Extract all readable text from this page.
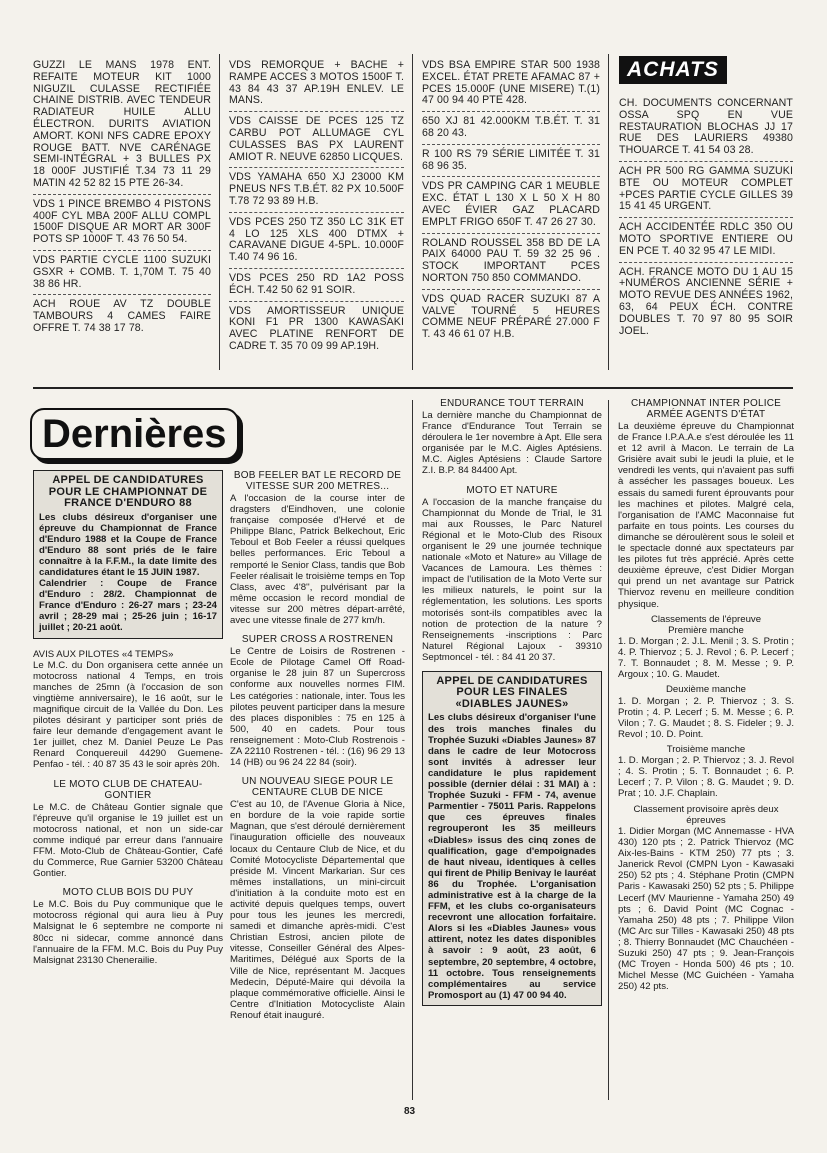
GUZZI LE MANS 1978 ENT. REFAITE MOTEUR KIT 1000 NIGUZIL CULASSE RECTIFIÉE CHAINE DISTRIB. AVEC TENDEUR RADIATEUR HUILE ALLU ÉLECTRON. DURITS AVIATION AMORT. KONI NFS CADRE EPOXY ROUGE BATT. NVE CARÉNAGE SEMI-INTÉGRAL + 3 BULLES PX 18 000F JUSTIFIÉ T.34 73 11 29 MATIN 42 52 82 15 PTE 26-34.

VDS 1 PINCE BREMBO 4 PISTONS 400F CYL MBA 200F ALLU COMPL 1500F DISQUE AR MORT AR 300F POTS SP 1000F T. 43 76 50 54.

VDS PARTIE CYCLE 1100 SUZUKI GSXR + COMB. T. 1,70M T. 75 40 38 86 HR.

ACH ROUE AV TZ DOUBLE TAMBOURS 4 CAMES FAIRE OFFRE T. 74 38 17 78.

VDS REMORQUE + BACHE + RAMPE ACCES 3 MOTOS 1500F T. 43 84 43 37 AP.19H ENLEV. LE MANS.

VDS CAISSE DE PCES 125 TZ CARBU POT ALLUMAGE CYL CULASSES BAS PX LAURENT AMIOT R. NEUVE 62850 LICQUES.

VDS YAMAHA 650 XJ 23000 KM PNEUS NFS T.B.ÉT. 82 PX 10.500F T.78 72 93 89 H.B.

VDS PCES 250 TZ 350 LC 31K ET 4 LO 125 XLS 400 DTMX + CARAVANE DIGUE 4-5PL. 10.000F T.40 74 96 16.

VDS PCES 250 RD 1A2 POSS ÉCH. T.42 50 62 91 SOIR.

VDS AMORTISSEUR UNIQUE KONI F1 PR 1300 KAWASAKI AVEC PLATINE RENFORT DE CADRE T. 35 70 09 99 AP.19H.

VDS BSA EMPIRE STAR 500 1938 EXCEL. ÉTAT PRETE AFAMAC 87 + PCES 15.000F (UNE MISERE) T.(1) 47 00 94 40 PTE 428.

650 XJ 81 42.000KM T.B.ÉT. T. 31 68 20 43.

R 100 RS 79 SÉRIE LIMITÉE T. 31 68 96 35.

VDS PR CAMPING CAR 1 MEUBLE EXC. ÉTAT L 130 X L 50 X H 80 AVEC ÉVIER GAZ PLACARD EMPLT FRIGO 650F T. 47 26 27 30.

ROLAND ROUSSEL 358 BD DE LA PAIX 64000 PAU T. 59 32 25 96 . STOCK IMPORTANT PCES NORTON 750 850 COMMANDO.

VDS QUAD RACER SUZUKI 87 A VALVE TOURNÉ 5 HEURES COMME NEUF PRÉPARÉ 27.000 F T. 43 46 61 07 H.B.

ACHATS

CH. DOCUMENTS CONCERNANT OSSA SPQ EN VUE RESTAURATION BLOCHAS JJ 17 RUE DES LAURIERS 49380 THOUARCE T. 41 54 03 28.

ACH PR 500 RG GAMMA SUZUKI BTE OU MOTEUR COMPLET +PCES PARTIE CYCLE GILLES 39 15 41 45 URGENT.

ACH ACCIDENTÉE RDLC 350 OU MOTO SPORTIVE ENTIERE OU EN PCE T. 40 32 95 47 LE MIDI.

ACH. FRANCE MOTO DU 1 AU 15 +NUMÉROS ANCIENNE SÉRIE + MOTO REVUE DES ANNÉES 1962, 63, 64 PEUX ÉCH. CONTRE DOUBLES T. 70 97 80 95 SOIR JOEL.

Dernières

APPEL DE CANDIDATURES POUR LE CHAMPIONNAT DE FRANCE D'ENDURO 88

Les clubs désireux d'organiser une épreuve du Championnat de France d'Enduro 1988 et la Coupe de France d'Enduro 88 sont priés de le faire connaître à la F.F.M., la date limite des candidatures étant le 15 JUIN 1987.

Calendrier : Coupe de France d'Enduro : 28/2. Championnat de France d'Enduro : 26-27 mars ; 23-24 avril ; 28-29 mai ; 25-26 juin ; 16-17 juillet ; 20-21 août.

AVIS AUX PILOTES «4 TEMPS»

Le M.C. du Don organisera cette année un motocross national 4 Temps, en trois manches de 25mn (à l'occasion de son vingtième anniversaire), le 16 août, sur le magnifique circuit de la Vallée du Don. Les pilotes désirant y participer sont priés de faire leur demande d'engagement avant le 1er juillet, chez M. Daniel Peuze Le Pas Renard Conquereuil 44290 Guemene-Penfao - tél. : 40 87 35 43 le soir après 20h.

LE MOTO CLUB DE CHATEAU-GONTIER

Le M.C. de Château Gontier signale que l'épreuve qu'il organise le 19 juillet est un motocross national, et non un side-car comme indiqué par erreur dans l'annuaire FFM. Moto-Club de Château-Gontier, Café du Commerce, Rue Garnier 53200 Château Gontier.

MOTO CLUB BOIS DU PUY

Le M.C. Bois du Puy communique que le motocross régional qui aura lieu à Puy Malsignat le 6 septembre ne comporte ni 80cc ni sidecar, comme annoncé dans l'annuaire de la FFM. M.C. Bois du Puy Puy Malsignat 23130 Chenerailie.

BOB FEELER BAT LE RECORD DE VITESSE SUR 200 METRES...

A l'occasion de la course inter de dragsters d'Eindhoven, une colonie française composée d'Hervé et de Philippe Blanc, Patrick Belkechout, Eric Teboul et Bob Feeler a réussi quelques belles performances. Eric Teboul a remporté le Senior Class, tandis que Bob Feeler réalisait le troisième temps en Top Class, avec 4'8'', pulvérisant par la même occasion le record mondial de vitesse sur 200 mètres départ-arrêté, avec une vitesse finale de 277 km/h.

SUPER CROSS A ROSTRENEN

Le Centre de Loisirs de Rostrenen -Ecole de Pilotage Camel Off Road- organise le 28 juin 87 un Supercross conforme aux nouvelles normes FIM. Les catégories : nationale, inter. Tous les pilotes peuvent participer dans la mesure des places disponibles : 75 en 125 à 500, 40 en cadets. Pour tous renseignement : Moto-Club Rostrenois - ZA 22110 Rostrenen - tél. : (16) 96 29 13 14 (HB) ou 96 24 22 84 (soir).

UN NOUVEAU SIEGE POUR LE CENTAURE CLUB DE NICE

C'est au 10, de l'Avenue Gloria à Nice, en bordure de la voie rapide sortie Magnan, que s'est déroulé dernièrement l'inauguration officielle des nouveaux locaux du Centaure Club de Nice, et du Comité Motocycliste Départemental que préside M. Vincent Markarian. Sur ces mêmes installations, un mini-circuit d'initiation à la conduite moto est en activité depuis quelques temps, ouvert pour tous les jeunes les mercredi, samedi et dimanche après-midi. C'est Christian Estrosi, ancien pilote de vitesse, Conseiller Général des Alpes-Maritimes, Délégué aux Sports de la Ville de Nice, représentant M. Jacques Medecin, Député-Maire qui dévoila la plaque commémorative officielle. Ainsi le Centre d'Initiation Motocycliste Alain Renouf était inauguré.

ENDURANCE TOUT TERRAIN

La dernière manche du Championnat de France d'Endurance Tout Terrain se déroulera le 1er novembre à Apt. Elle sera organisée par le M.C. Aigles Aptésiens. M.C. Aigles Aptésiens : Claude Sartore Z.I. B.P. 84 84400 Apt.

MOTO ET NATURE

A l'occasion de la manche française du Championnat du Monde de Trial, le 31 mai aux Rousses, le Parc Naturel Régional et le Moto-Club des Risoux organisent le 29 une journée technique nationale «Moto et Nature» au Village de Vacances de Lamoura. Les thèmes : impact de l'utilisation de la Moto Verte sur les milieux naturels, le point sur la réglementation, les solutions. Les sports motorisés sont-ils compatibles avec la notion de protection de la nature ? Renseignements -inscriptions : Parc Naturel Régional Lajoux - 39310 Septmoncel - tél. : 84 41 20 37.

APPEL DE CANDIDATURES POUR LES FINALES «DIABLES JAUNES»

Les clubs désireux d'organiser l'une des trois manches finales du Trophée Suzuki «Diables Jaunes» 87 dans le cadre de leur Motocross sont invités à adresser leur candidature le plus rapidement possible (dernier délai : 31 MAI) à : Trophée Suzuki - FFM - 74, avenue Parmentier - 75011 Paris. Rappelons que ces épreuves finales regrouperont les 35 meilleurs «Diables» issus des cinq zones de qualification, gage d'empoignades de haut niveau, identiques à celles qui firent de Philip Benivay le lauréat 86 du Trophée. L'organisation administrative est à la charge de la FFM, et les clubs co-organisateurs recevront une allocation forfaitaire. Alors si les «Diables Jaunes» vous attirent, notez les dates disponibles à savoir : 9 août, 23 août, 6 septembre, 20 septembre, 4 octobre, 11 octobre. Tous renseignements complémentaires au service Promosport au (1) 47 00 94 40.

CHAMPIONNAT INTER POLICE ARMÉE AGENTS D'ÉTAT

La deuxième épreuve du Championnat de France I.P.A.A.e s'est déroulée les 11 et 12 avril à Macon. Le terrain de La Grisière avait subi le jeudi la pluie, et le vendredi les vents, qui n'avaient pas suffi à assécher les passages boueux. Les essais du samedi furent éprouvants pour les machines et pilotes. Malgré cela, l'organisation de l'AMC Maconnaise fut parfaite en tous points. Les courses du dimanche se déroulèrent sous le soleil et le spectacle donné aux spectateurs par les pilotes fut très apprécié. Après cette deuxième épreuve, c'est Didier Morgan qui prend un net avantage sur Patrick Thiervoz revenu en meilleure condition physique.

Classements de l'épreuve

Première manche

1. D. Morgan ; 2. J.L. Menil ; 3. S. Protin ; 4. P. Thiervoz ; 5. J. Revol ; 6. P. Lecerf ; 7. T. Bonnaudet ; 8. M. Messe ; 9. P. Argoux ; 10. G. Maudet.

Deuxième manche

1. D. Morgan ; 2. P. Thiervoz ; 3. S. Protin ; 4. P. Lecerf ; 5. M. Messe ; 6. P. Vilon ; 7. G. Maudet ; 8. S. Fideler ; 9. J. Revol ; 10. D. Point.

Troisième manche

1. D. Morgan ; 2. P. Thiervoz ; 3. J. Revol ; 4. S. Protin ; 5. T. Bonnaudet ; 6. P. Lecerf ; 7. P. Vilon ; 8. G. Maudet ; 9. D. Prat ; 10. J.F. Chaplain.

Classement provisoire après deux épreuves

1. Didier Morgan (MC Annemasse - HVA 430) 120 pts ; 2. Patrick Thiervoz (MC Aix-les-Bains - KTM 250) 77 pts ; 3. Janerick Revol (CMPN Lyon - Kawasaki 250) 52 pts ; 4. Stéphane Protin (CMPN Paris - Kawasaki 250) 52 pts ; 5. Philippe Lecerf (MV Maurienne - Yamaha 250) 49 pts ; 6. David Point (MC Cognac - Yamaha 250) 48 pts ; 7. Philippe Vilon (MC Arc sur Tilles - Kawasaki 250) 48 pts ; 8. Thierry Bonnaudet (MC Chauchéen - Suzuki 250) 47 pts ; 9. Jean-François (MC Troyen - Honda 500) 46 pts ; 10. Michel Messe (MC Guichéen - Yamaha 250) 42 pts.

83
